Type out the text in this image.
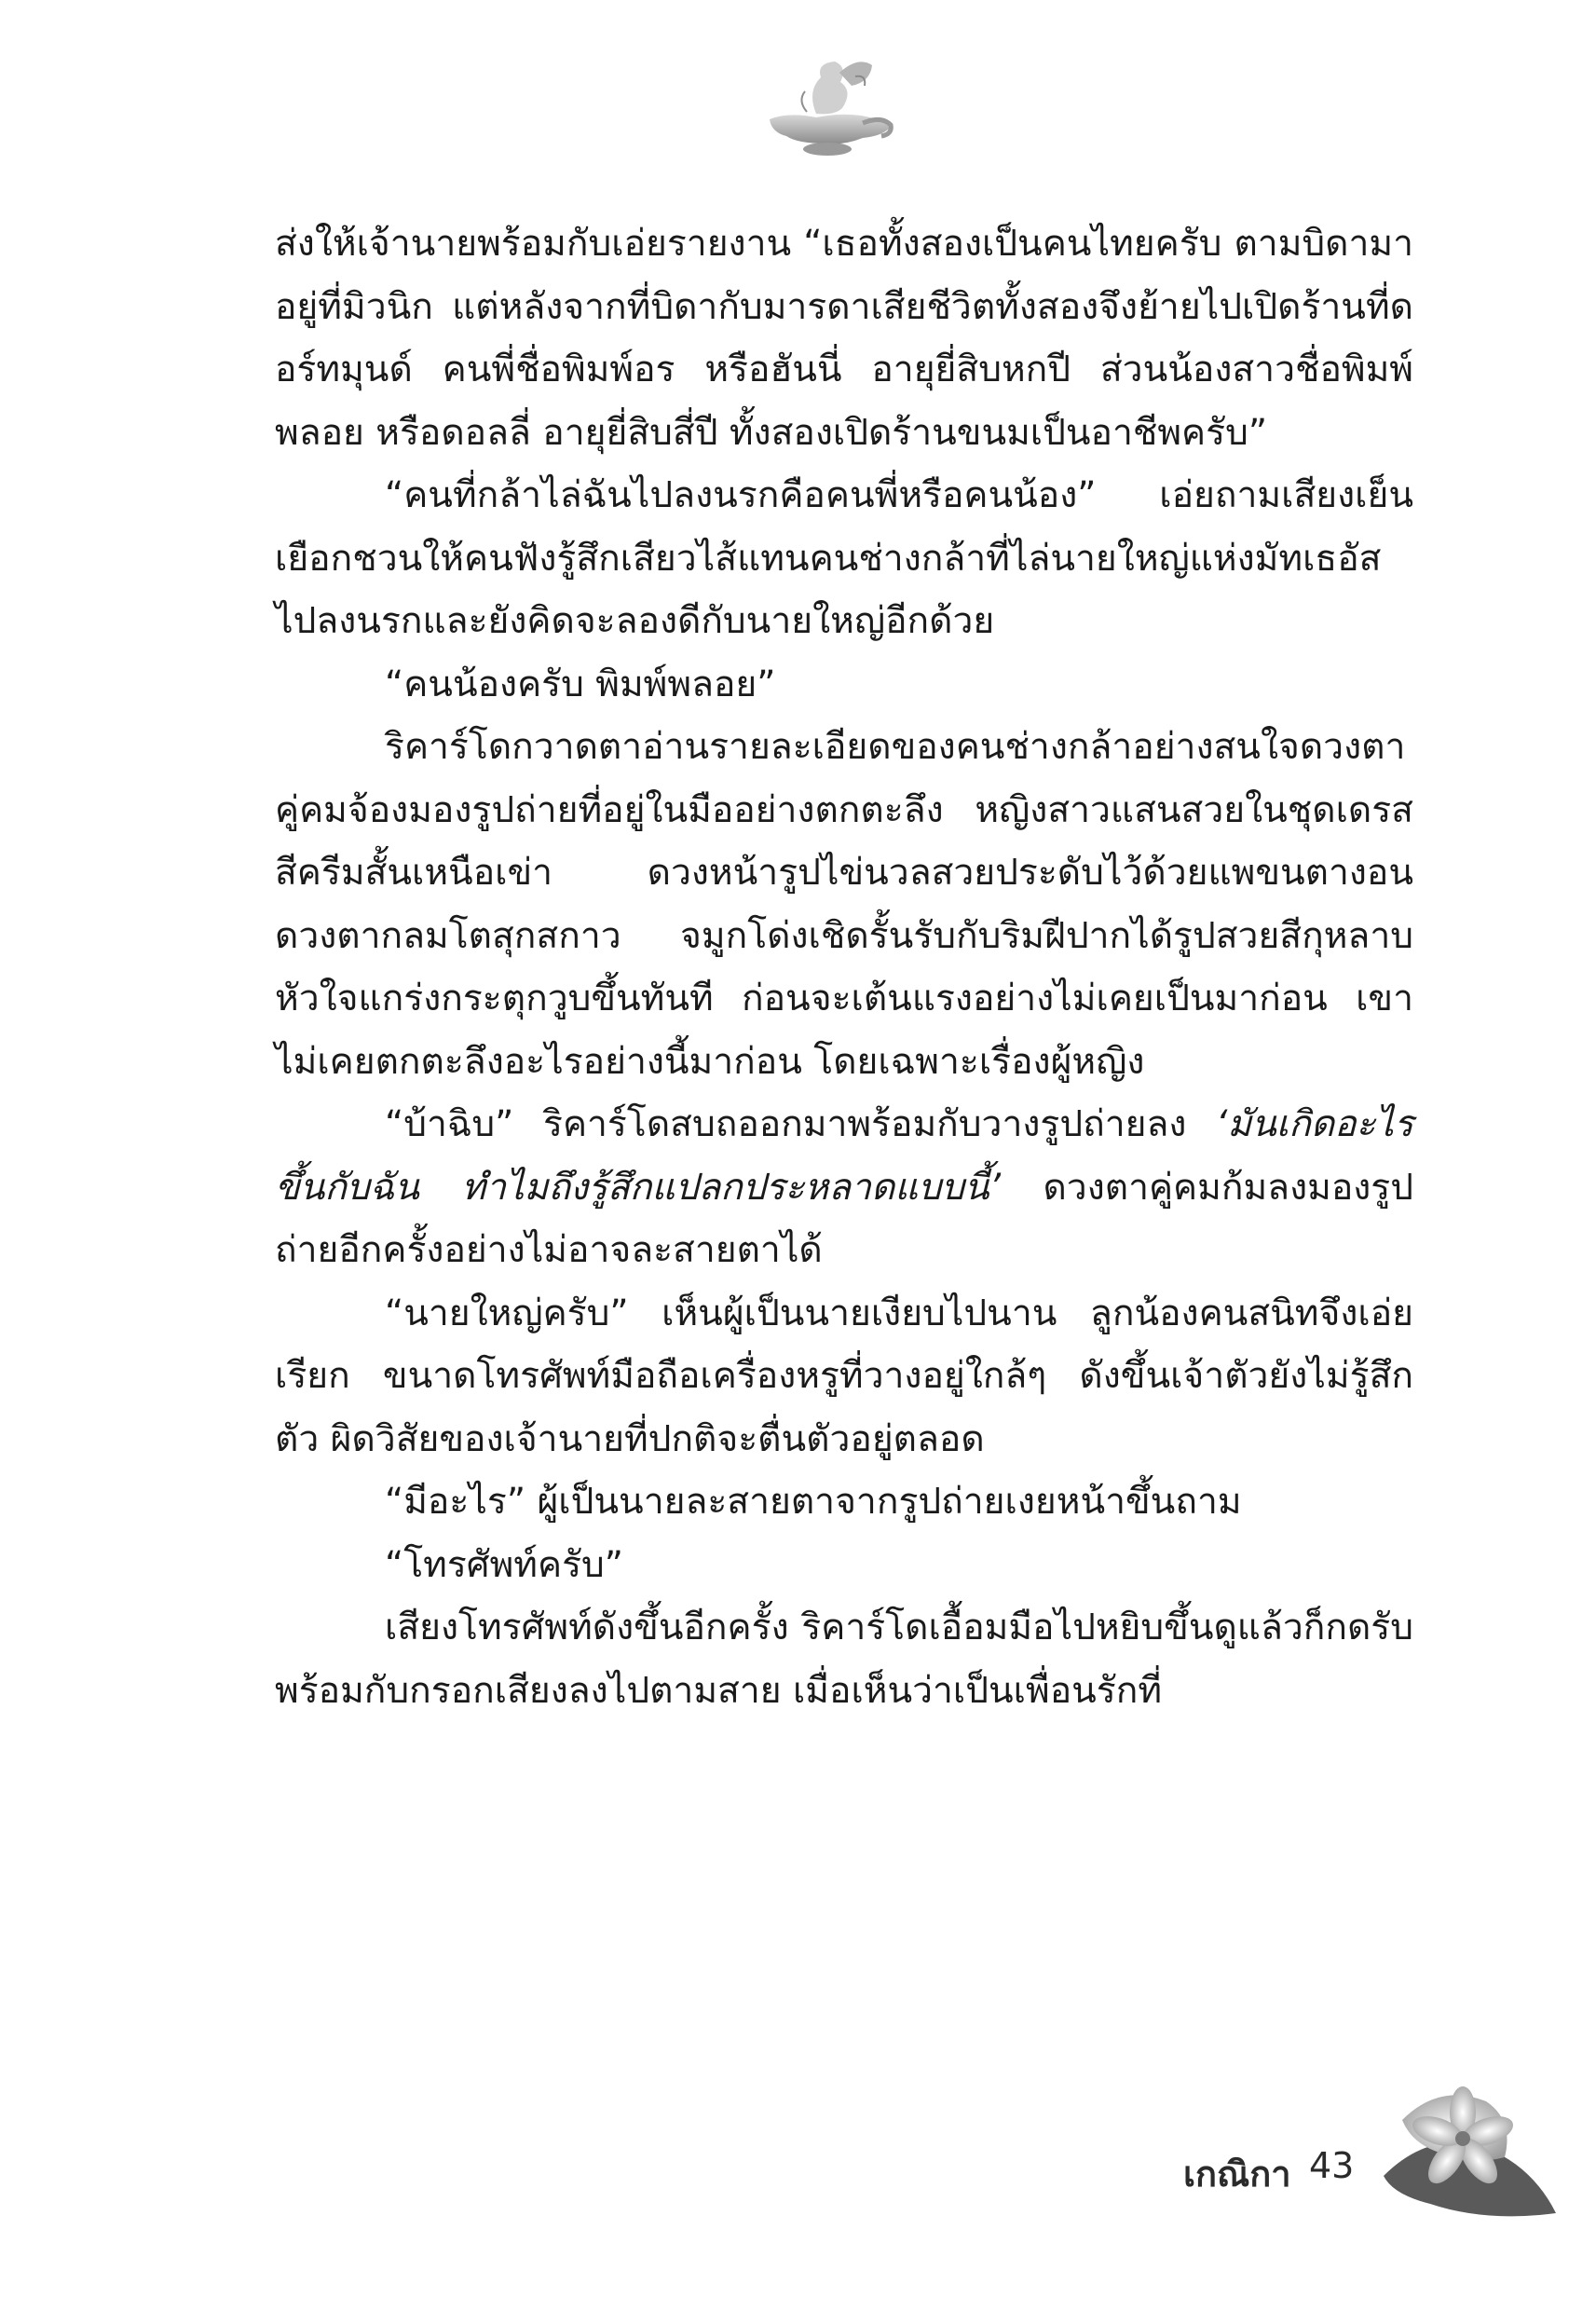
ส่งให้เจ้านายพร้อมกับเอ่ยรายงาน “เธอทั้งสองเป็นคนไทยครับ ตามบิดามาอยู่ที่มิวนิก แต่หลังจากที่บิดากับมารดาเสียชีวิตทั้งสองจึงย้ายไปเปิดร้านที่ดอร์ทมุนด์ คนพี่ชื่อพิมพ์อร หรือฮันนี่ อายุยี่สิบหกปี ส่วนน้องสาวชื่อพิมพ์พลอย หรือดอลลี่ อายุยี่สิบสี่ปี ทั้งสองเปิดร้านขนมเป็นอาชีพครับ”

“คนที่กล้าไล่ฉันไปลงนรกคือคนพี่หรือคนน้อง” เอ่ยถามเสียงเย็นเยือกชวนให้คนฟังรู้สึกเสียวไส้แทนคนช่างกล้าที่ไล่นายใหญ่แห่งมัทเธอัสไปลงนรกและยังคิดจะลองดีกับนายใหญ่อีกด้วย

“คนน้องครับ พิมพ์พลอย”

ริคาร์โดกวาดตาอ่านรายละเอียดของคนช่างกล้าอย่างสนใจดวงตาคู่คมจ้องมองรูปถ่ายที่อยู่ในมืออย่างตกตะลึง หญิงสาวแสนสวยในชุดเดรสสีครีมสั้นเหนือเข่า ดวงหน้ารูปไข่นวลสวยประดับไว้ด้วยแพขนตางอน ดวงตากลมโตสุกสกาว จมูกโด่งเชิดรั้นรับกับริมฝีปากได้รูปสวยสีกุหลาบ หัวใจแกร่งกระตุกวูบขึ้นทันที ก่อนจะเต้นแรงอย่างไม่เคยเป็นมาก่อน เขาไม่เคยตกตะลึงอะไรอย่างนี้มาก่อน โดยเฉพาะเรื่องผู้หญิง

“บ้าฉิบ” ริคาร์โดสบถออกมาพร้อมกับวางรูปถ่ายลง ‘มันเกิดอะไรขึ้นกับฉัน ทำไมถึงรู้สึกแปลกประหลาดแบบนี้’ ดวงตาคู่คมก้มลงมองรูปถ่ายอีกครั้งอย่างไม่อาจละสายตาได้

“นายใหญ่ครับ” เห็นผู้เป็นนายเงียบไปนาน ลูกน้องคนสนิทจึงเอ่ยเรียก ขนาดโทรศัพท์มือถือเครื่องหรูที่วางอยู่ใกล้ๆ ดังขึ้นเจ้าตัวยังไม่รู้สึกตัว ผิดวิสัยของเจ้านายที่ปกติจะตื่นตัวอยู่ตลอด

“มีอะไร” ผู้เป็นนายละสายตาจากรูปถ่ายเงยหน้าขึ้นถาม

“โทรศัพท์ครับ”

เสียงโทรศัพท์ดังขึ้นอีกครั้ง ริคาร์โดเอื้อมมือไปหยิบขึ้นดูแล้วก็กดรับพร้อมกับกรอกเสียงลงไปตามสาย เมื่อเห็นว่าเป็นเพื่อนรักที่

เกณิกา 43
